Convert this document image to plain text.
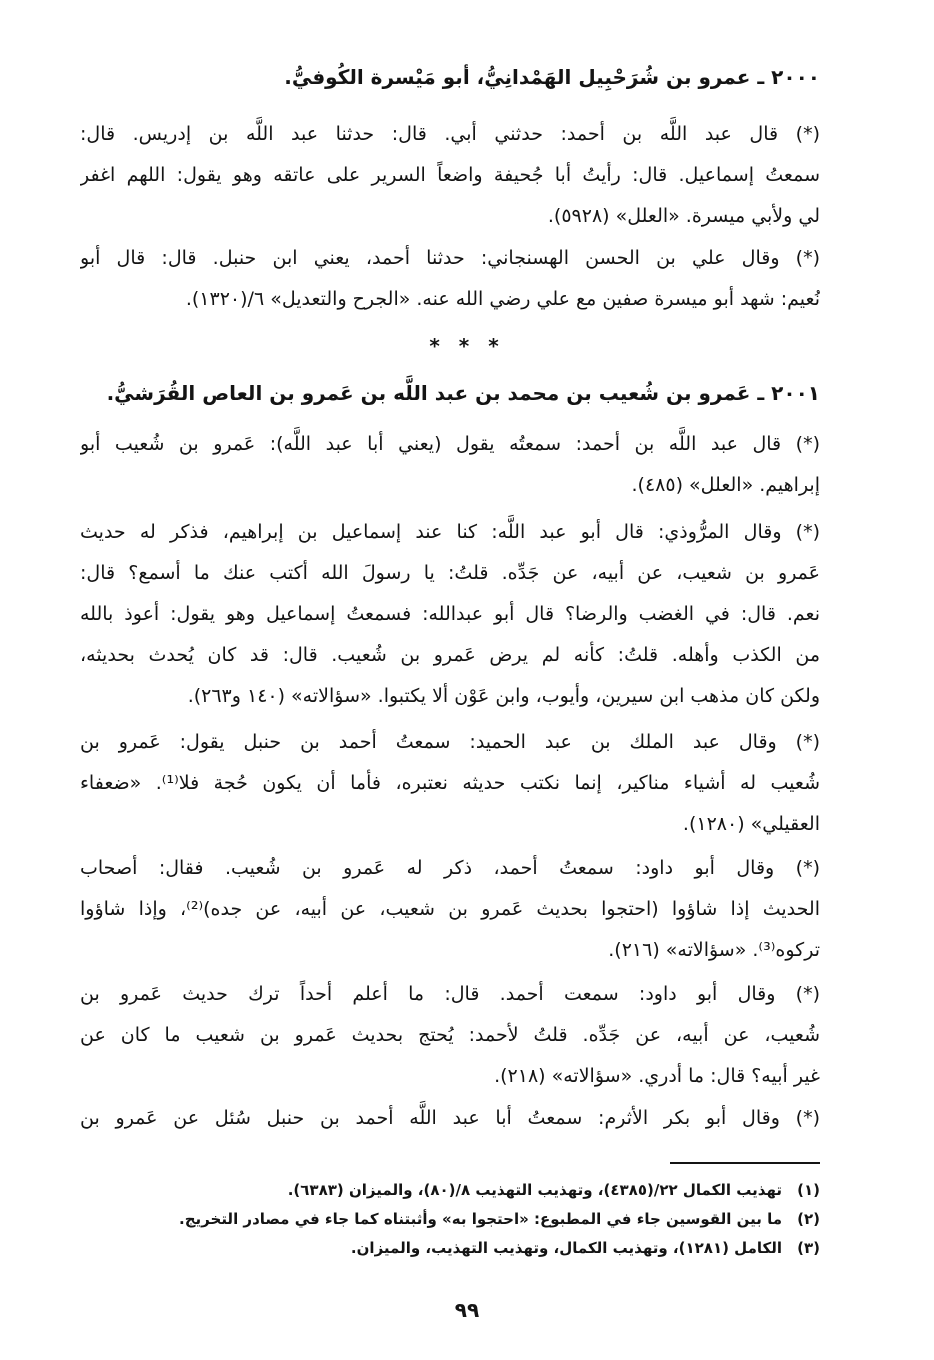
٢٠٠٠ ـ عمرو بن شُرَحْبِيل الهَمْدانِيُّ، أبو مَيْسرة الكُوفيُّ.
(*) قال عبد اللَّه بن أحمد: حدثني أبي. قال: حدثنا عبد اللَّه بن إدريس. قال:
سمعتُ إسماعيل. قال: رأيتُ أبا جُحيفة واضعاً السرير على عاتقه وهو يقول: اللهم اغفر
لي ولأبي ميسرة. «العلل» (٥٩٢٨).
(*) وقال علي بن الحسن الهسنجاني: حدثنا أحمد، يعني ابن حنبل. قال: قال أبو
نُعيم: شهد أبو ميسرة صفين مع علي رضي الله عنه. «الجرح والتعديل» ٦/(١٣٢٠).
* * *
٢٠٠١ ـ عَمرو بن شُعيب بن محمد بن عبد اللَّه بن عَمرو بن العاص القُرَشيُّ.
(*) قال عبد اللَّه بن أحمد: سمعتُه يقول (يعني أبا عبد اللَّه): عَمرو بن شُعيب أبو
إبراهيم. «العلل» (٤٨٥).
(*) وقال المرُّوذي: قال أبو عبد اللَّه: كنا عند إسماعيل بن إبراهيم، فذكر له حديث
عَمرو بن شعيب، عن أبيه، عن جَدِّه. قلتُ: يا رسولَ الله أكتب عنك ما أسمع؟ قال:
نعم. قال: في الغضب والرضا؟ قال أبو عبدالله: فسمعتُ إسماعيل وهو يقول: أعوذ بالله
من الكذب وأهله. قلتُ: كأنه لم يرض عَمرو بن شُعيب. قال: قد كان يُحدث بحديثه،
ولكن كان مذهب ابن سيرين، وأيوب، وابن عَوْن ألا يكتبوا. «سؤالاته» (١٤٠ و٢٦٣).
(*) وقال عبد الملك بن عبد الحميد: سمعتُ أحمد بن حنبل يقول: عَمرو بن
شُعيب له أشياء مناكير، إنما نكتب حديثه نعتبره، فأما أن يكون حُجة فلا⁽¹⁾. «ضعفاء
العقيلي» (١٢٨٠).
(*) وقال أبو داود: سمعتُ أحمد، ذكر له عَمرو بن شُعيب. فقال: أصحاب
الحديث إذا شاؤوا (احتجوا بحديث عَمرو بن شعيب، عن أبيه، عن جده)⁽²⁾، وإذا شاؤوا
تركوه⁽³⁾. «سؤالاته» (٢١٦).
(*) وقال أبو داود: سمعت أحمد. قال: ما أعلم أحداً ترك حديث عَمرو بن
شُعيب، عن أبيه، عن جَدِّه. قلتُ لأحمد: يُحتج بحديث عَمرو بن شعيب ما كان عن
غير أبيه؟ قال: ما أدري. «سؤالاته» (٢١٨).
(*) وقال أبو بكر الأثرم: سمعتُ أبا عبد اللَّه أحمد بن حنبل سُئل عن عَمرو بن
(١)تهذيب الكمال ٢٢/(٤٣٨٥)، وتهذيب التهذيب ٨/(٨٠)، والميزان (٦٣٨٣).
(٢)ما بين القوسين جاء في المطبوع: «احتجوا به» وأثبتناه كما جاء في مصادر التخريج.
(٣)الكامل (١٢٨١)، وتهذيب الكمال، وتهذيب التهذيب، والميزان.
٩٩
